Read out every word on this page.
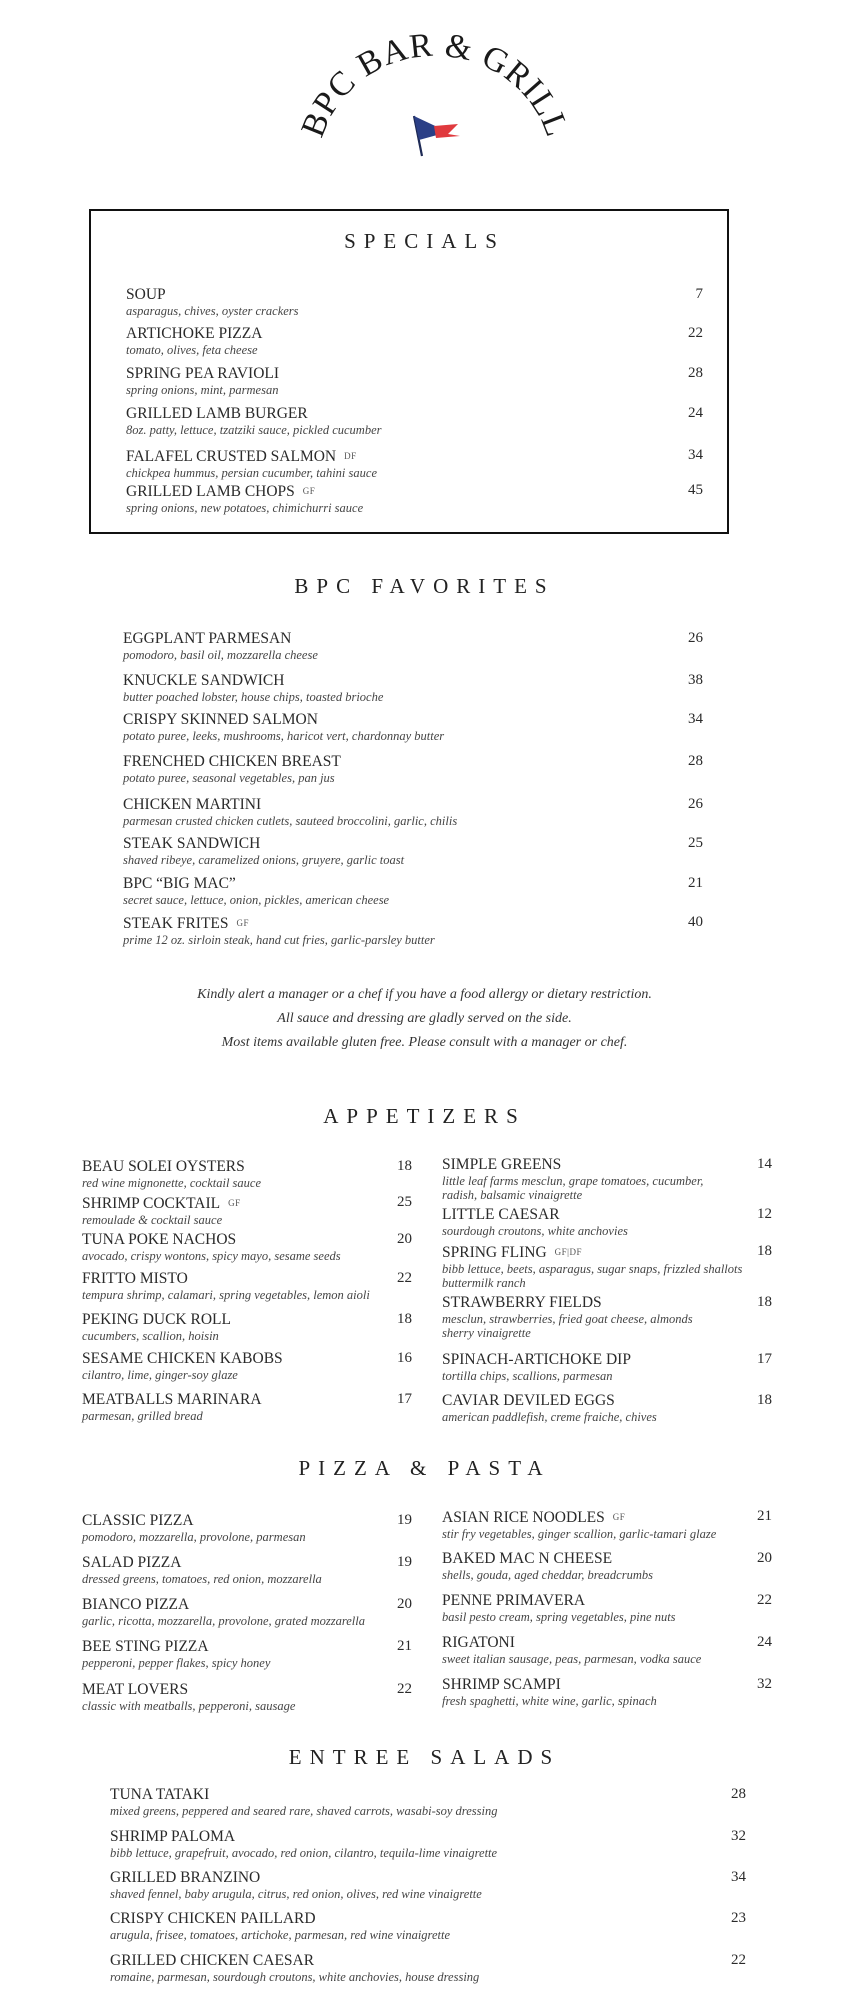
BPC BAR & GRILL
SPECIALS
SOUP
asparagus, chives, oyster crackers
7
ARTICHOKE PIZZA
tomato, olives, feta cheese
22
SPRING PEA RAVIOLI
spring onions, mint, parmesan
28
GRILLED LAMB BURGER
8oz. patty, lettuce, tzatziki sauce, pickled cucumber
24
FALAFEL CRUSTED SALMON DF
chickpea hummus, persian cucumber, tahini sauce
34
GRILLED LAMB CHOPS GF
spring onions, new potatoes, chimichurri sauce
45
BPC FAVORITES
EGGPLANT PARMESAN
pomodoro, basil oil, mozzarella cheese
26
KNUCKLE SANDWICH
butter poached lobster, house chips, toasted brioche
38
CRISPY SKINNED SALMON
potato puree, leeks, mushrooms, haricot vert, chardonnay butter
34
FRENCHED CHICKEN BREAST
potato puree, seasonal vegetables, pan jus
28
CHICKEN MARTINI
parmesan crusted chicken cutlets, sauteed broccolini, garlic, chilis
26
STEAK SANDWICH
shaved ribeye, caramelized onions, gruyere, garlic toast
25
BPC “BIG MAC”
secret sauce, lettuce, onion, pickles, american cheese
21
STEAK FRITES GF
prime 12 oz. sirloin steak, hand cut fries, garlic-parsley butter
40
Kindly alert a manager or a chef if you have a food allergy or dietary restriction.
All sauce and dressing are gladly served on the side.
Most items available gluten free. Please consult with a manager or chef.
APPETIZERS
BEAU SOLEI OYSTERS
red wine mignonette, cocktail sauce
18
SHRIMP COCKTAIL GF
remoulade & cocktail sauce
25
TUNA POKE NACHOS
avocado, crispy wontons, spicy mayo, sesame seeds
20
FRITTO MISTO
tempura shrimp, calamari, spring vegetables, lemon aioli
22
PEKING DUCK ROLL
cucumbers, scallion, hoisin
18
SESAME CHICKEN KABOBS
cilantro, lime, ginger-soy glaze
16
MEATBALLS MARINARA
parmesan, grilled bread
17
SIMPLE GREENS
little leaf farms mesclun, grape tomatoes, cucumber,
radish, balsamic vinaigrette
14
LITTLE CAESAR
sourdough croutons, white anchovies
12
SPRING FLING GF|DF
bibb lettuce, beets, asparagus, sugar snaps, frizzled shallots
buttermilk ranch
18
STRAWBERRY FIELDS
mesclun, strawberries, fried goat cheese, almonds
sherry vinaigrette
18
SPINACH-ARTICHOKE DIP
tortilla chips, scallions, parmesan
17
CAVIAR DEVILED EGGS
american paddlefish, creme fraiche, chives
18
PIZZA & PASTA
CLASSIC PIZZA
pomodoro, mozzarella, provolone, parmesan
19
SALAD PIZZA
dressed greens, tomatoes, red onion, mozzarella
19
BIANCO PIZZA
garlic, ricotta, mozzarella, provolone, grated mozzarella
20
BEE STING PIZZA
pepperoni, pepper flakes, spicy honey
21
MEAT LOVERS
classic with meatballs, pepperoni, sausage
22
ASIAN RICE NOODLES GF
stir fry vegetables, ginger scallion, garlic-tamari glaze
21
BAKED MAC N CHEESE
shells, gouda, aged cheddar, breadcrumbs
20
PENNE PRIMAVERA
basil pesto cream, spring vegetables, pine nuts
22
RIGATONI
sweet italian sausage, peas, parmesan, vodka sauce
24
SHRIMP SCAMPI
fresh spaghetti, white wine, garlic, spinach
32
ENTREE SALADS
TUNA TATAKI
mixed greens, peppered and seared rare, shaved carrots, wasabi-soy dressing
28
SHRIMP PALOMA
bibb lettuce, grapefruit, avocado, red onion, cilantro, tequila-lime vinaigrette
32
GRILLED BRANZINO
shaved fennel, baby arugula, citrus, red onion, olives, red wine vinaigrette
34
CRISPY CHICKEN PAILLARD
arugula, frisee, tomatoes, artichoke, parmesan, red wine vinaigrette
23
GRILLED CHICKEN CAESAR
romaine, parmesan, sourdough croutons, white anchovies, house dressing
22
